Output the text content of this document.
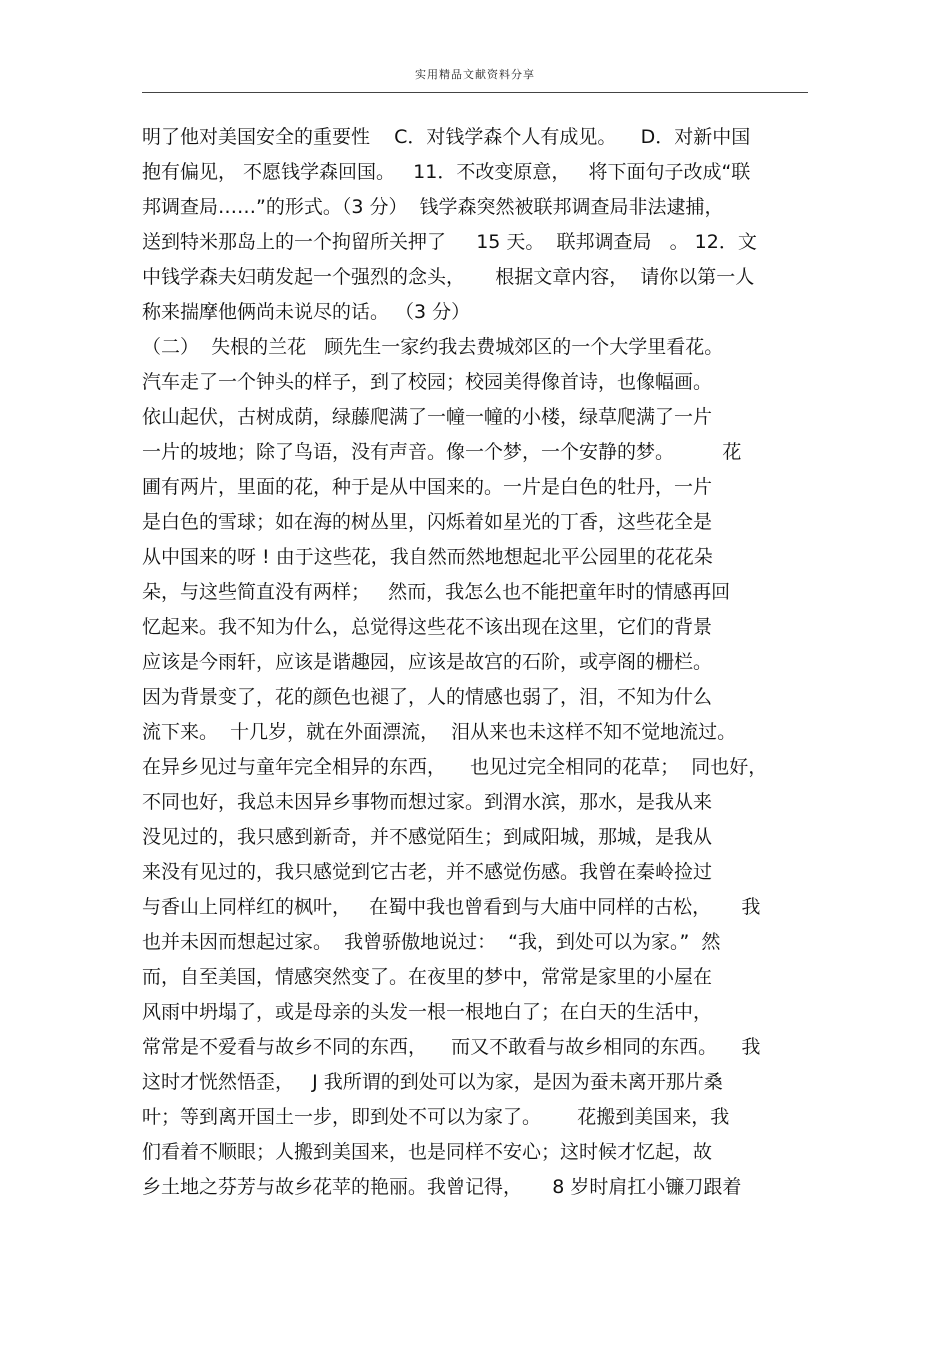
实用精品文献资料分享
明了他对美国安全的重要性    C．对钱学森个人有成见。    D．对新中国
抱有偏见， 不愿钱学森回国。   11．不改变原意，   将下面句子改成“联
邦调查局……”的形式。（3 分）  钱学森突然被联邦调查局非法逮捕，
送到特米那岛上的一个拘留所关押了     15 天。  联邦调查局   。 12．文
中钱学森夫妇萌发起一个强烈的念头，     根据文章内容，  请你以第一人
称来揣摩他俩尚未说尽的话。 （3 分）
（二）  失根的兰花   顾先生一家约我去费城郊区的一个大学里看花。
汽车走了一个钟头的样子，到了校园；校园美得像首诗，也像幅画。
依山起伏，古树成荫，绿藤爬满了一幢一幢的小楼，绿草爬满了一片
一片的坡地；除了鸟语，没有声音。像一个梦，一个安静的梦。        花
圃有两片，里面的花，种于是从中国来的。一片是白色的牡丹，一片
是白色的雪球；如在海的树丛里，闪烁着如星光的丁香，这些花全是
从中国来的呀 ! 由于这些花，我自然而然地想起北平公园里的花花朵
朵，与这些简直没有两样；   然而，我怎么也不能把童年时的情感再回
忆起来。我不知为什么，总觉得这些花不该出现在这里，它们的背景
应该是今雨轩，应该是谐趣园，应该是故宫的石阶，或亭阁的栅栏。
因为背景变了，花的颜色也褪了，人的情感也弱了，泪，不知为什么
流下来。  十几岁，就在外面漂流，  泪从来也未这样不知不觉地流过。
在异乡见过与童年完全相异的东西，    也见过完全相同的花草；  同也好，
不同也好，我总未因异乡事物而想过家。到渭水滨，那水，是我从来
没见过的，我只感到新奇，并不感觉陌生；到咸阳城，那城，是我从
来没有见过的，我只感觉到它古老，并不感觉伤感。我曾在秦岭捡过
与香山上同样红的枫叶，   在蜀中我也曾看到与大庙中同样的古松，     我
也并未因而想起过家。  我曾骄傲地说过：  “我，到处可以为家。”  然
而，自至美国，情感突然变了。在夜里的梦中，常常是家里的小屋在
风雨中坍塌了，或是母亲的头发一根一根地白了；在白天的生活中，
常常是不爱看与故乡不同的东西，    而又不敢看与故乡相同的东西。    我
这时才恍然悟歪，   J 我所谓的到处可以为家，是因为蚕未离开那片桑
叶；等到离开国土一步，即到处不可以为家了。      花搬到美国来，我
们看着不顺眼；人搬到美国来，也是同样不安心；这时候才忆起，故
乡土地之芬芳与故乡花苹的艳丽。我曾记得，     8 岁时肩扛小镰刀跟着
